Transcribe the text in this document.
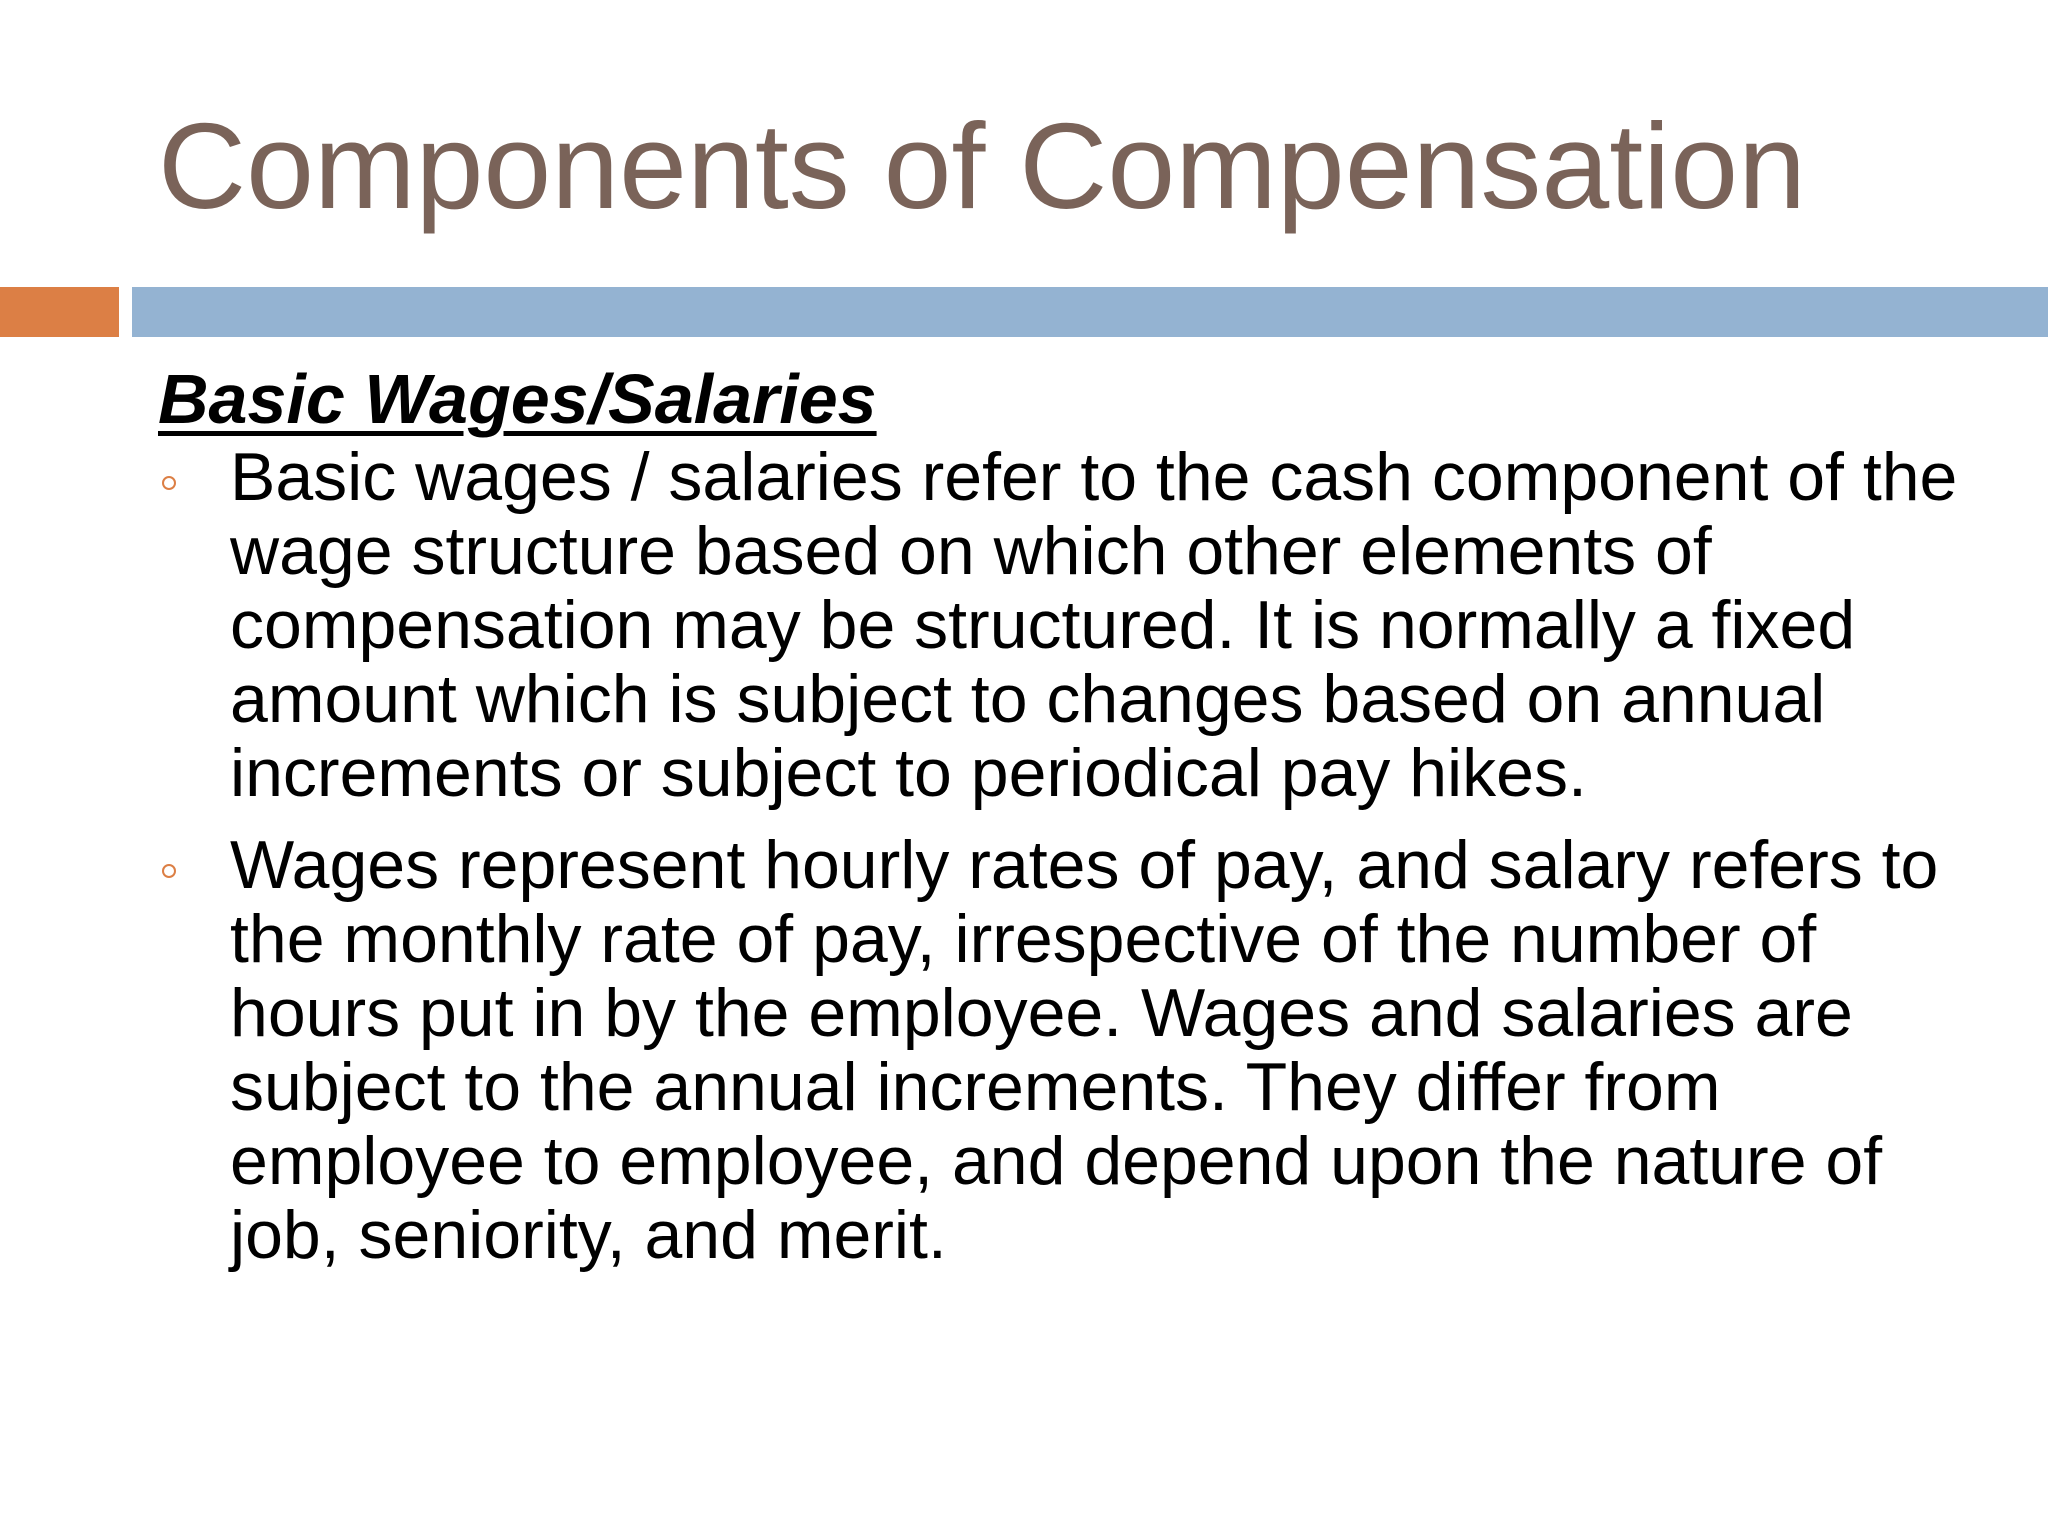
Components of Compensation
Basic Wages/Salaries
Basic wages / salaries refer to the cash component of the wage structure based on which other elements of compensation may be structured. It is normally a fixed amount which is subject to changes based on annual increments or subject to periodical pay hikes.
Wages represent hourly rates of pay, and salary refers to the monthly rate of pay, irrespective of the number of hours put in by the employee. Wages and salaries are subject to the annual increments. They differ from employee to employee, and depend upon the nature of job, seniority, and merit.
